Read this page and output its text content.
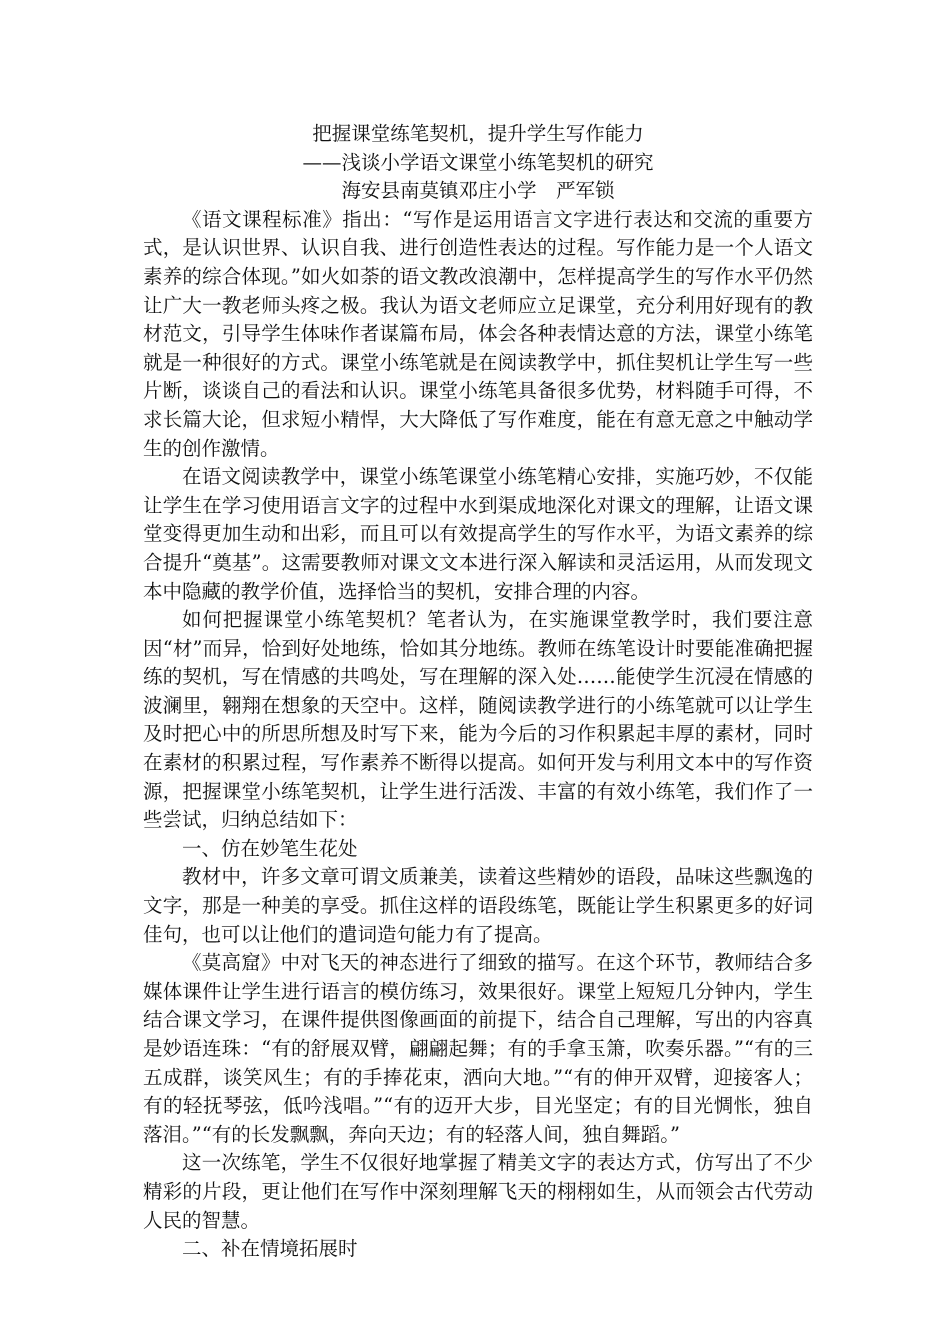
把握课堂练笔契机，提升学生写作能力

——浅谈小学语文课堂小练笔契机的研究

海安县南莫镇邓庄小学　严军锁

《语文课程标准》指出：“写作是运用语言文字进行表达和交流的重要方式，是认识世界、认识自我、进行创造性表达的过程。写作能力是一个人语文素养的综合体现。”如火如荼的语文教改浪潮中，怎样提高学生的写作水平仍然让广大一教老师头疼之极。我认为语文老师应立足课堂，充分利用好现有的教材范文，引导学生体味作者谋篇布局，体会各种表情达意的方法，课堂小练笔就是一种很好的方式。课堂小练笔就是在阅读教学中，抓住契机让学生写一些片断，谈谈自己的看法和认识。课堂小练笔具备很多优势，材料随手可得，不求长篇大论，但求短小精悍，大大降低了写作难度，能在有意无意之中触动学生的创作激情。

在语文阅读教学中，课堂小练笔课堂小练笔精心安排，实施巧妙，不仅能让学生在学习使用语言文字的过程中水到渠成地深化对课文的理解，让语文课堂变得更加生动和出彩，而且可以有效提高学生的写作水平，为语文素养的综合提升“奠基”。这需要教师对课文文本进行深入解读和灵活运用，从而发现文本中隐藏的教学价值，选择恰当的契机，安排合理的内容。

如何把握课堂小练笔契机？笔者认为，在实施课堂教学时，我们要注意因“材”而异，恰到好处地练，恰如其分地练。教师在练笔设计时要能准确把握练的契机，写在情感的共鸣处，写在理解的深入处……能使学生沉浸在情感的波澜里，翱翔在想象的天空中。这样，随阅读教学进行的小练笔就可以让学生及时把心中的所思所想及时写下来，能为今后的习作积累起丰厚的素材，同时在素材的积累过程，写作素养不断得以提高。如何开发与利用文本中的写作资源，把握课堂小练笔契机，让学生进行活泼、丰富的有效小练笔，我们作了一些尝试，归纳总结如下：

一、仿在妙笔生花处

教材中，许多文章可谓文质兼美，读着这些精妙的语段，品味这些飘逸的文字，那是一种美的享受。抓住这样的语段练笔，既能让学生积累更多的好词佳句，也可以让他们的遣词造句能力有了提高。

《莫高窟》中对飞天的神态进行了细致的描写。在这个环节，教师结合多媒体课件让学生进行语言的模仿练习，效果很好。课堂上短短几分钟内，学生结合课文学习，在课件提供图像画面的前提下，结合自己理解，写出的内容真是妙语连珠：“有的舒展双臂，翩翩起舞；有的手拿玉箫，吹奏乐器。”“有的三五成群，谈笑风生；有的手捧花束，洒向大地。”“有的伸开双臂，迎接客人；有的轻抚琴弦，低吟浅唱。”“有的迈开大步，目光坚定；有的目光惆怅，独自落泪。”“有的长发飘飘，奔向天边；有的轻落人间，独自舞蹈。”

这一次练笔，学生不仅很好地掌握了精美文字的表达方式，仿写出了不少精彩的片段，更让他们在写作中深刻理解飞天的栩栩如生，从而领会古代劳动人民的智慧。

二、补在情境拓展时
